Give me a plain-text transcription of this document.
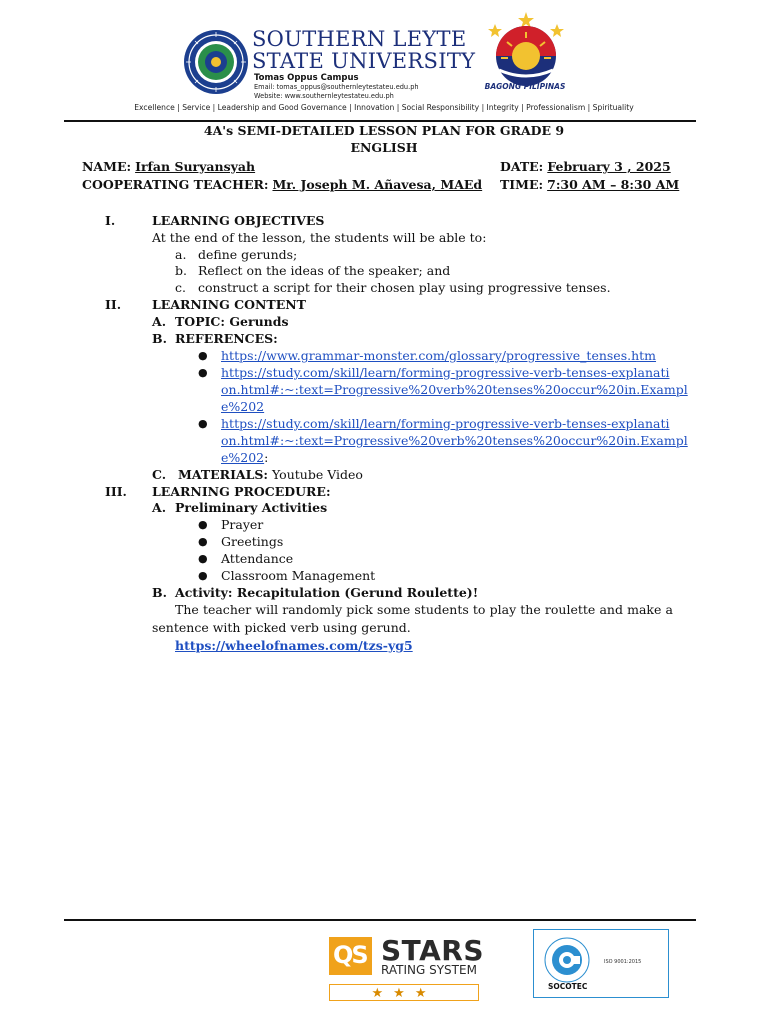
SOUTHERN LEYTE
STATE UNIVERSITY
Tomas Oppus Campus
Email: tomas_oppus@southernleytestateu.edu.ph
Website: www.southernleytestateu.edu.ph
BAGONG PILIPINAS
Excellence | Service | Leadership and Good Governance | Innovation | Social Responsibility | Integrity | Professionalism | Spirituality
4A's SEMI-DETAILED LESSON PLAN FOR GRADE 9
ENGLISH
NAME: Irfan Suryansyah	DATE: February 3 , 2025
COOPERATING TEACHER: Mr. Joseph M. Añavesa, MAEd TIME: 7:30 AM – 8:30 AM
I.	LEARNING OBJECTIVES
At the end of the lesson, the students will be able to:
a. define gerunds;
b. Reflect on the ideas of the speaker; and
c. construct a script for their chosen play using progressive tenses.
II. LEARNING CONTENT
A. TOPIC: Gerunds
B. REFERENCES:
● https://www.grammar-monster.com/glossary/progressive_tenses.htm
● https://study.com/skill/learn/forming-progressive-verb-tenses-explanati
on.html#:~:text=Progressive%20verb%20tenses%20occur%20in.Exampl
e%202
● https://study.com/skill/learn/forming-progressive-verb-tenses-explanati
on.html#:~:text=Progressive%20verb%20tenses%20occur%20in.Exampl
e%202:
C. MATERIALS: Youtube Video
III. LEARNING PROCEDURE:
A. Preliminary Activities
● Prayer
● Greetings
● Attendance
● Classroom Management
B. Activity: Recapitulation (Gerund Roulette)!
The teacher will randomly pick some students to play the roulette and make a sentence with picked verb using gerund.
https://wheelofnames.com/tzs-yg5
QS STARS
RATING SYSTEM
★★★
ISO 9001:2015
SOCOTEC
